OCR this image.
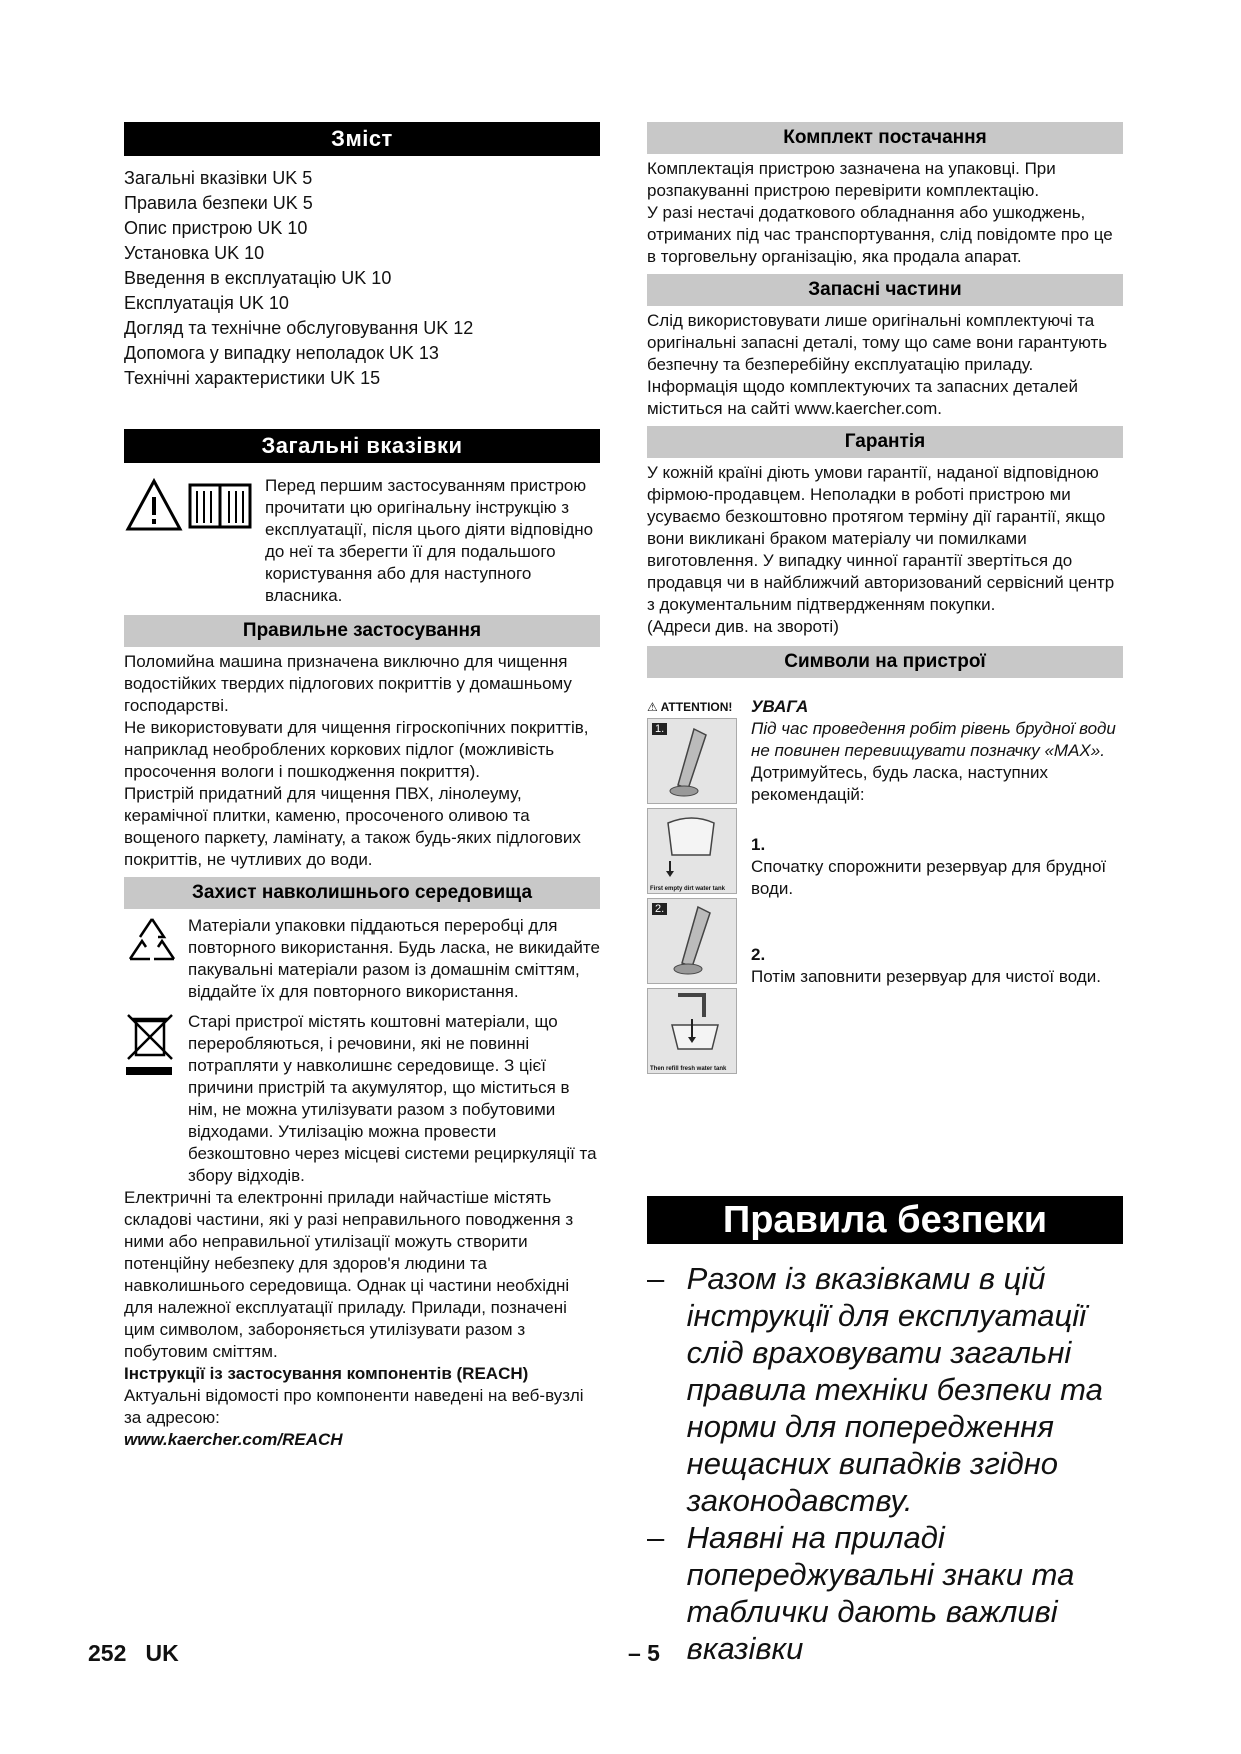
Зміст
Загальні вказівки UK 5
Правила безпеки UK 5
Опис пристрою UK 10
Установка UK 10
Введення в експлуатацію UK 10
Експлуатація UK 10
Догляд та технічне обслуговування UK 12
Допомога у випадку неполадок UK 13
Технічні характеристики UK 15
Загальні вказівки

Перед першим застосуванням пристрою прочитати цю оригінальну інструкцію з експлуатації, після цього діяти відповідно до неї та зберегти її для подальшого користування або для наступного власника.

Правильне застосування

Поломийна машина призначена виключно для чищення водостійких твердих підлогових покриттів у домашньому господарстві.

Не використовувати для чищення гігроскопічних покриттів, наприклад необроблених коркових підлог (можливість просочення вологи і пошкодження покриття).

Пристрій придатний для чищення ПВХ, лінолеуму, керамічної плитки, каменю, просоченого оливою та вощеного паркету, ламінату, а також будь-яких підлогових покриттів, не чутливих до води.

Захист навколишнього середовища

Матеріали упаковки піддаються переробці для повторного використання. Будь ласка, не викидайте пакувальні матеріали разом із домашнім сміттям, віддайте їх для повторного використання.

Старі пристрої містять коштовні матеріали, що переробляються, і речовини, які не повинні потрапляти у навколишнє середовище. З цієї причини пристрій та акумулятор, що міститься в нім, не можна утилізувати разом з побутовими відходами. Утилізацію можна провести безкоштовно через місцеві системи рециркуляції та збору відходів.

Електричні та електронні прилади найчастіше містять складові частини, які у разі неправильного поводження з ними або неправильної утилізації можуть створити потенційну небезпеку для здоров'я людини та навколишнього середовища. Однак ці частини необхідні для належної експлуатації приладу. Прилади, позначені цим символом, забороняється утилізувати разом з побутовим сміттям.

Інструкції із застосування компонентів (REACH)

Актуальні відомості про компоненти наведені на веб-вузлі за адресою:

www.kaercher.com/REACH

Комплект постачання

Комплектація пристрою зазначена на упаковці. При розпакуванні пристрою перевірити комплектацію.

У разі нестачі додаткового обладнання або ушкоджень, отриманих під час транспортування, слід повідомте про це в торговельну організацію, яка продала апарат.

Запасні частини

Слід використовувати лише оригінальні комплектуючі та оригінальні запасні деталі, тому що саме вони гарантують безпечну та безперебійну експлуатацію приладу.

Інформація щодо комплектуючих та запасних деталей міститься на сайті www.kaercher.com.

Гарантія

У кожній країні діють умови гарантії, наданої відповідною фірмою-продавцем. Неполадки в роботі пристрою ми усуваємо безкоштовно протягом терміну дії гарантії, якщо вони викликані браком матеріалу чи помилками виготовлення. У випадку чинної гарантії звертіться до продавця чи в найближчий авторизований сервісний центр з документальним підтвердженням покупки.

(Адреси див. на звороті)

Символи на пристрої
⚠ ATTENTION!
1.
First empty dirt water tank
2.
Then refill fresh water tank

УВАГА

Під час проведення робіт рівень брудної води не повинен перевищувати позначку «MAX».

Дотримуйтесь, будь ласка, наступних рекомендацій:

1.

Спочатку спорожнити резервуар для брудної води.

2.

Потім заповнити резервуар для чистої води.

Правила безпеки
– Разом із вказівками в цій інструкції для експлуатації слід враховувати загальні правила техніки безпеки та норми для попередження нещасних випадків згідно законодавству.
– Наявні на приладі попереджувальні знаки та таблички дають важливі вказівки
252 UK	– 5
